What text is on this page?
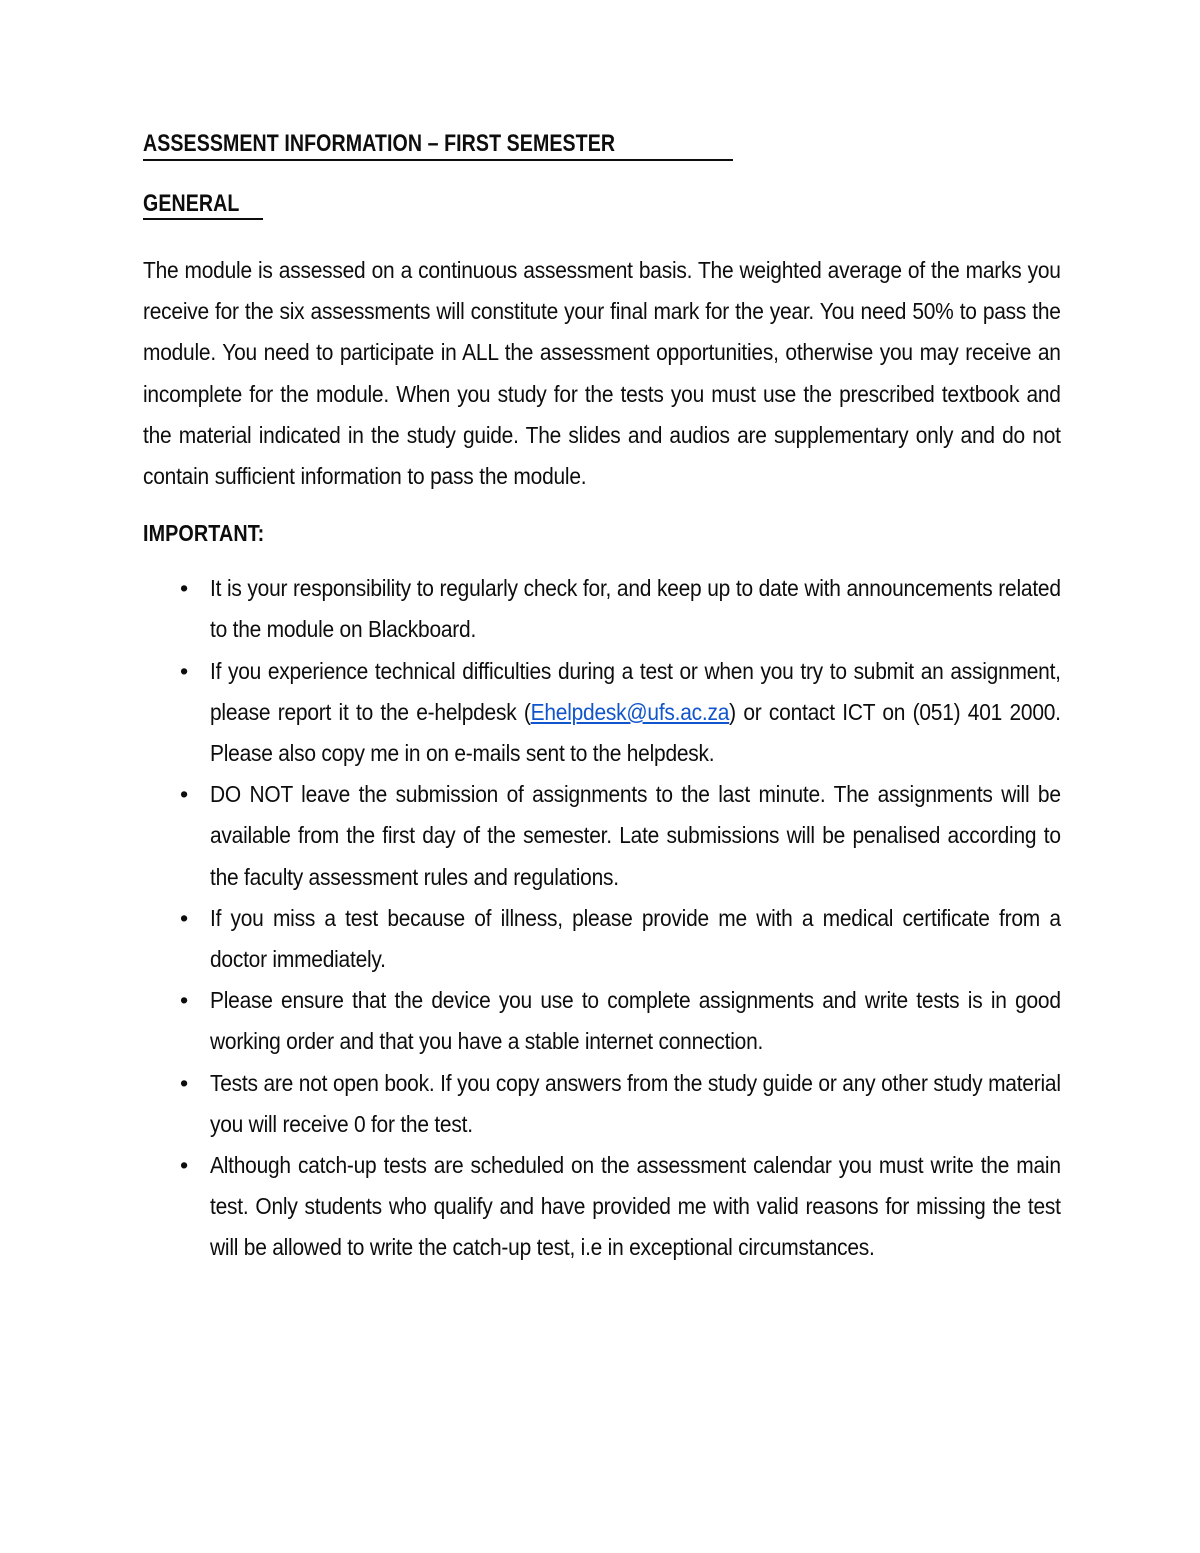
ASSESSMENT INFORMATION – FIRST SEMESTER
GENERAL

The module is assessed on a continuous assessment basis. The weighted average of the marks you receive for the six assessments will constitute your final mark for the year. You need 50% to pass the module. You need to participate in ALL the assessment opportunities, otherwise you may receive an incomplete for the module. When you study for the tests you must use the prescribed textbook and the material indicated in the study guide. The slides and audios are supplementary only and do not contain sufficient information to pass the module.

IMPORTANT:
• It is your responsibility to regularly check for, and keep up to date with announcements related to the module on Blackboard.
• If you experience technical difficulties during a test or when you try to submit an assignment, please report it to the e-helpdesk (Ehelpdesk@ufs.ac.za) or contact ICT on (051) 401 2000. Please also copy me in on e-mails sent to the helpdesk.
• DO NOT leave the submission of assignments to the last minute. The assignments will be available from the first day of the semester. Late submissions will be penalised according to the faculty assessment rules and regulations.
• If you miss a test because of illness, please provide me with a medical certificate from a doctor immediately.
• Please ensure that the device you use to complete assignments and write tests is in good working order and that you have a stable internet connection.
• Tests are not open book. If you copy answers from the study guide or any other study material you will receive 0 for the test.
• Although catch-up tests are scheduled on the assessment calendar you must write the main test. Only students who qualify and have provided me with valid reasons for missing the test will be allowed to write the catch-up test, i.e in exceptional circumstances.
